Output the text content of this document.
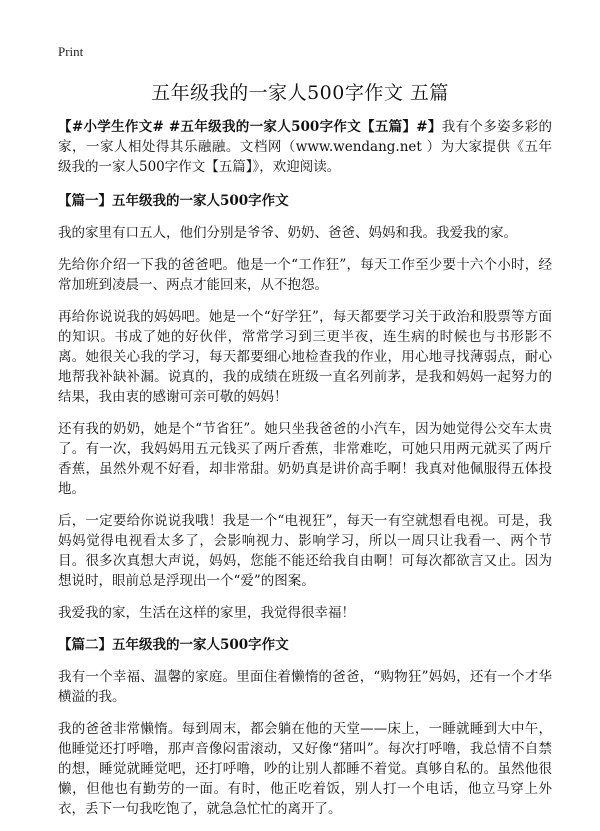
Print
五年级我的一家人500字作文 五篇

【#小学生作文# #五年级我的一家人500字作文【五篇】#】我有个多姿多彩的家，一家人相处得其乐融融。文档网（www.wendang.net ）为大家提供《五年级我的一家人500字作文【五篇】》，欢迎阅读。

【篇一】五年级我的一家人500字作文

我的家里有口五人，他们分别是爷爷、奶奶、爸爸、妈妈和我。我爱我的家。

先给你介绍一下我的爸爸吧。他是一个“工作狂”，每天工作至少要十六个小时，经常加班到凌晨一、两点才能回来，从不抱怨。

再给你说说我的妈妈吧。她是一个“好学狂”，每天都要学习关于政治和股票等方面的知识。书成了她的好伙伴，常常学习到三更半夜，连生病的时候也与书形影不离。她很关心我的学习，每天都要细心地检查我的作业，用心地寻找薄弱点，耐心地帮我补缺补漏。说真的，我的成绩在班级一直名列前茅，是我和妈妈一起努力的结果，我由衷的感谢可亲可敬的妈妈！

还有我的奶奶，她是个“节省狂”。她只坐我爸爸的小汽车，因为她觉得公交车太贵了。有一次，我妈妈用五元钱买了两斤香蕉，非常难吃，可她只用两元就买了两斤香蕉，虽然外观不好看，却非常甜。奶奶真是讲价高手啊！我真对他佩服得五体投地。

后，一定要给你说说我哦！我是一个“电视狂”，每天一有空就想看电视。可是，我妈妈觉得电视看太多了，会影响视力、影响学习，所以一周只让我看一、两个节目。很多次真想大声说，妈妈，您能不能还给我自由啊！可每次都欲言又止。因为想说时，眼前总是浮现出一个“爱”的图案。

我爱我的家，生活在这样的家里，我觉得很幸福！

【篇二】五年级我的一家人500字作文

我有一个幸福、温馨的家庭。里面住着懒惰的爸爸，“购物狂”妈妈，还有一个才华横溢的我。

我的爸爸非常懒惰。每到周末，都会躺在他的天堂——床上，一睡就睡到大中午，他睡觉还打呼噜，那声音像闷雷滚动，又好像“猪叫”。每次打呼噜，我总情不自禁的想，睡觉就睡觉吧，还打呼噜，吵的让别人都睡不着觉。真够自私的。虽然他很懒，但他也有勤劳的一面。有时，他正吃着饭，别人打一个电话，他立马穿上外衣，丢下一句我吃饱了，就急急忙忙的离开了。
